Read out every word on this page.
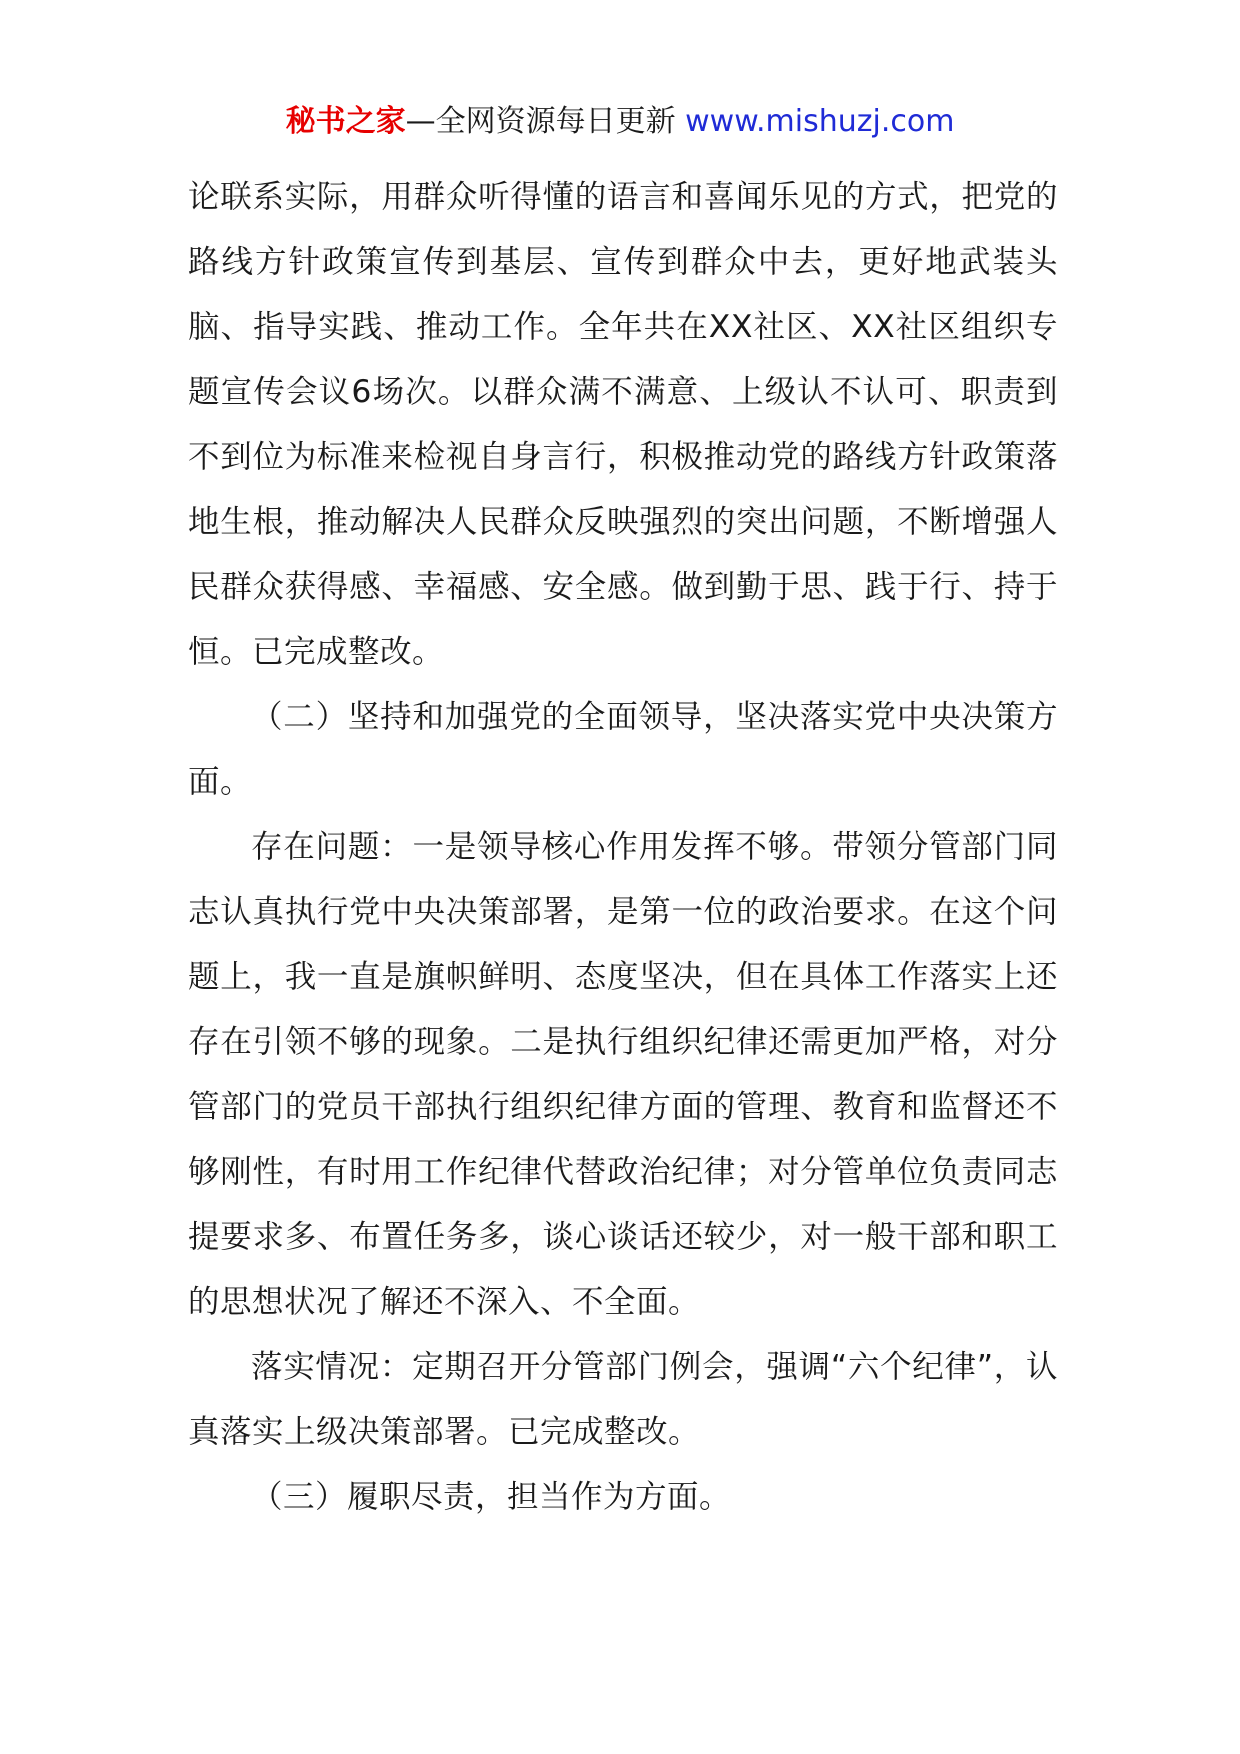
秘书之家—全网资源每日更新 www.mishuzj.com

论联系实际，用群众听得懂的语言和喜闻乐见的方式，把党的路线方针政策宣传到基层、宣传到群众中去，更好地武装头脑、指导实践、推动工作。全年共在XX社区、XX社区组织专题宣传会议6场次。以群众满不满意、上级认不认可、职责到不到位为标准来检视自身言行，积极推动党的路线方针政策落地生根，推动解决人民群众反映强烈的突出问题，不断增强人民群众获得感、幸福感、安全感。做到勤于思、践于行、持于恒。已完成整改。

（二）坚持和加强党的全面领导，坚决落实党中央决策方面。

存在问题：一是领导核心作用发挥不够。带领分管部门同志认真执行党中央决策部署，是第一位的政治要求。在这个问题上，我一直是旗帜鲜明、态度坚决，但在具体工作落实上还存在引领不够的现象。二是执行组织纪律还需更加严格，对分管部门的党员干部执行组织纪律方面的管理、教育和监督还不够刚性，有时用工作纪律代替政治纪律；对分管单位负责同志提要求多、布置任务多，谈心谈话还较少，对一般干部和职工的思想状况了解还不深入、不全面。

落实情况：定期召开分管部门例会，强调“六个纪律”，认真落实上级决策部署。已完成整改。

（三）履职尽责，担当作为方面。
